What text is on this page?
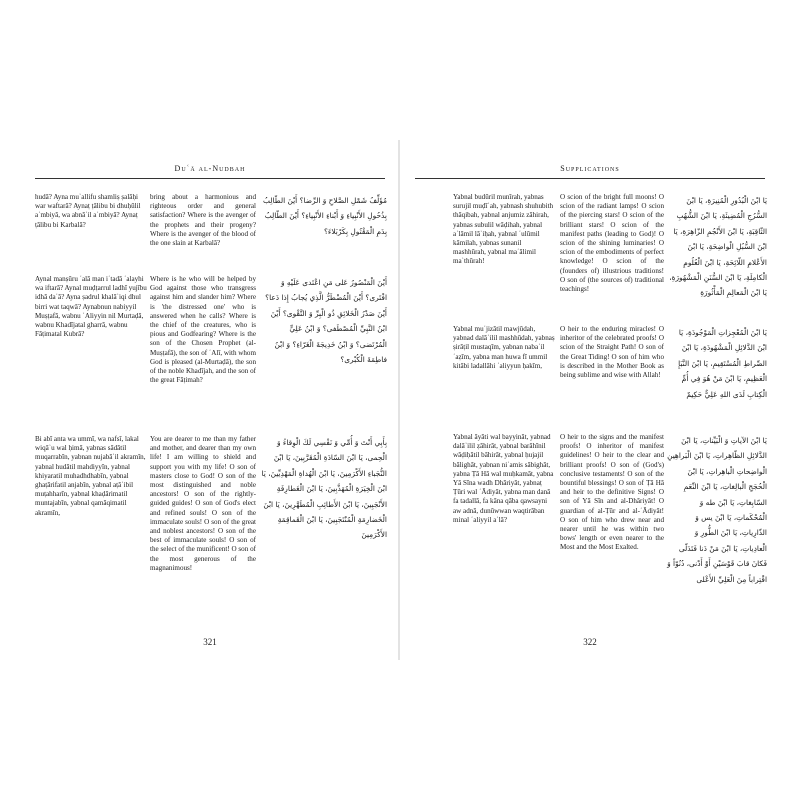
Duʿā al-Nudbah
hudā? Ayna muʾallifu shamliṣ ṣalāḥi war waftarā? Aynaṭ ṭālibu bi dhuḥūlil aʿmbiyā, wa abnāʾil aʿmbiyā? Aynaṭ ṭālibu bi Karbalā?
bring about a harmonious and righteous order and general satisfaction? Where is the avenger of the prophets and their progeny? Where is the avenger of the blood of the one slain at Karbalā?
مُؤَلِّفُ شَمْلِ الصَّلاحِ وَ الرِّضا؟ أَيْنَ الطّالِبُ بِذُحُولِ الأَنْبِياءِ وَ أَبْناءِ الأَنْبِياءِ؟ أَيْنَ الطّالِبُ بِدَمِ الْمَقْتُولِ بِكَرْبَلاءَ؟
Aynal manṣūru ʿalā man iʿtadā ʿalayhi wa iftarā? Aynal muḍṭarrul ladhī yujību idhā daʿā? Ayna ṣadrul khalāʾiqi dhul birri wat taqwā? Aynabnun nabiyyil Muṣṭafā, wabnu ʿAliyyin nil Murtaḍā, wabnu Khadījatal gharrā, wabnu Fāṭimatal Kubrā?
Where is he who will be helped by God against those who transgress against him and slander him? Where is 'the distressed one' who is answered when he calls? Where is the chief of the creatures, who is pious and Godfearing? Where is the son of the Chosen Prophet (al-Muṣṭafā), the son of ʿAlī, with whom God is pleased (al-Murtaḍā), the son of the noble Khadījah, and the son of the great Fāṭimah?
أَيْنَ الْمَنْصُورُ عَلى مَنِ اعْتَدى عَلَيْهِ وَ افْتَرى؟ أَيْنَ الْمُضْطَرُّ الَّذِي يُجابُ إِذا دَعا؟ أَيْنَ صَدْرُ الْخَلائِقِ ذُو الْبِرِّ وَ التَّقْوى؟ أَيْنَ ابْنُ النَّبِيِّ الْمُصْطَفى؟ وَ ابْنُ عَلِيٍّ الْمُرْتَضى؟ وَ ابْنُ خَدِيجَةَ الْغَرّاءِ؟ وَ ابْنُ فاطِمَةَ الْكُبْرى؟
Bi abī anta wa ummī, wa nafsī, lakal wiqāʾu wal ḥimā, yabnas sādātil muqarrabīn, yabnan nujabāʾil akramīn, yabnal hudātil mahdiyyīn, yabnal khiyaratil muhadhdhabīn, yabnal ghaṭārifatil anjabīn, yabnal aṭāʾibil muṭahharīn, yabnal khaḍārimatil muntajabīn, yabnal qamāqimatil akramīn,
You are dearer to me than my father and mother, and dearer than my own life! I am willing to shield and support you with my life! O son of masters close to God! O son of the most distinguished and noble ancestors! O son of the rightly-guided guides! O son of God's elect and refined souls! O son of the immaculate souls! O son of the great and noblest ancestors! O son of the best of immaculate souls! O son of the select of the munificent! O son of the most generous of the magnanimous!
بِأَبِي أَنْتَ وَ أُمِّي وَ نَفْسِي لَكَ الْوِقاءُ وَ الْحِمى، يَا ابْنَ السّادَةِ الْمُقَرَّبِينَ، يَا ابْنَ النُّجَباءِ الأَكْرَمِينَ، يَا ابْنَ الْهُداةِ الْمَهْدِيِّينَ، يَا ابْنَ الْخِيَرَةِ الْمُهَذَّبِينَ، يَا ابْنَ الْغَطارِفَةِ الأَنْجَبِينَ، يَا ابْنَ الأَطائِبِ الْمُطَهَّرِينَ، يَا ابْنَ الْخَضارِمَةِ الْمُنْتَجَبِينَ، يَا ابْنَ الْقَماقِمَةِ الأَكْرَمِينَ
321
Supplications
Yabnal budūril munīrah, yabnas surujil muḍīʾah, yabnash shuhubith thāqibah, yabnal anjumiz zāhirah, yabnas subulil wāḍihah, yabnal aʿlāmil lāʾiḥah, yabnal ʿulūmil kāmilah, yabnas sunanil mashhūrah, yabnal maʿālimil maʾthūrah!
O scion of the bright full moons! O scion of the radiant lamps! O scion of the piercing stars! O scion of the brilliant stars! O scion of the manifest paths (leading to God)! O scion of the shining luminaries! O scion of the embodiments of perfect knowledge! O scion of the (founders of) illustrious traditions! O son of (the sources of) traditional teachings!
يَا ابْنَ الْبُدُورِ الْمُنِيرَةِ، يَا ابْنَ السُّرُجِ الْمُضِيئَةِ، يَا ابْنَ الشُّهُبِ الثّاقِبَةِ، يَا ابْنَ الأَنْجُمِ الزّاهِرَةِ، يَا ابْنَ السُّبُلِ الْواضِحَةِ، يَا ابْنَ الأَعْلامِ اللّائِحَةِ، يَا ابْنَ الْعُلُومِ الْكامِلَةِ، يَا ابْنَ السُّنَنِ الْمَشْهُورَةِ، يَا ابْنَ الْمَعالِمِ الْمَأْثُورَةِ
Yabnal muʿjizātil mawjūdah, yabnad dalāʾilil mashhūdah, yabnaṣ ṣirāṭil mustaqīm, yabnan nabaʾil ʿaẓīm, yabna man huwa fī ummil kitābi ladallāhi ʿaliyyun ḥakīm,
O heir to the enduring miracles! O inheritor of the celebrated proofs! O scion of the Straight Path! O son of the Great Tiding! O son of him who is described in the Mother Book as being sublime and wise with Allah!
يَا ابْنَ الْمُعْجِزاتِ الْمَوْجُودَةِ، يَا ابْنَ الدَّلائِلِ الْمَشْهُودَةِ، يَا ابْنَ الصِّراطِ الْمُسْتَقِيمِ، يَا ابْنَ النَّبَإِ الْعَظِيمِ، يَا ابْنَ مَنْ هُوَ فِي أُمِّ الْكِتابِ لَدَى اللهِ عَلِيٌّ حَكِيمٌ
Yabnal āyāti wal bayyināt, yabnad dalāʾilil ẓāhirāt, yabnal barāhīnil wāḍiḥātil bāhirāt, yabnal ḥujajil bālighāt, yabnan niʿamis sābighāt, yabna Ṭā Hā wal muḥkamāt, yabna Yā Sīna wadh Dhāriyāt, yabnaṭ Ṭūri wal ʿĀdiyāt, yabna man danā fa tadallā, fa kāna qāba qawsayni aw adnā, dunūwwan waqtirāban minal ʿaliyyil aʿlā?
O heir to the signs and the manifest proofs! O inheritor of manifest guidelines! O heir to the clear and brilliant proofs! O son of (God's) conclusive testaments! O son of the bountiful blessings! O son of Ṭā Hā and heir to the definitive Signs! O son of Yā Sīn and al-Dhāriyāt! O guardian of al-Ṭūr and al-ʿĀdiyāt! O son of him who drew near and nearer until he was within two bows' length or even nearer to the Most and the Most Exalted.
يَا ابْنَ الآياتِ وَ الْبَيِّناتِ، يَا ابْنَ الدَّلائِلِ الظّاهِراتِ، يَا ابْنَ الْبَراهِينِ الْواضِحاتِ الْباهِراتِ، يَا ابْنَ الْحُجَجِ الْبالِغاتِ، يَا ابْنَ النِّعَمِ السّابِغاتِ، يَا ابْنَ طه وَ الْمُحْكَماتِ، يَا ابْنَ يس وَ الذّارِياتِ، يَا ابْنَ الطُّورِ وَ الْعادِياتِ، يَا ابْنَ مَنْ دَنا فَتَدَلّى فَكانَ قابَ قَوْسَيْنِ أَوْ أَدْنى، دُنُوّاً وَ اقْتِراباً مِنَ الْعَلِيِّ الأَعْلى
322
